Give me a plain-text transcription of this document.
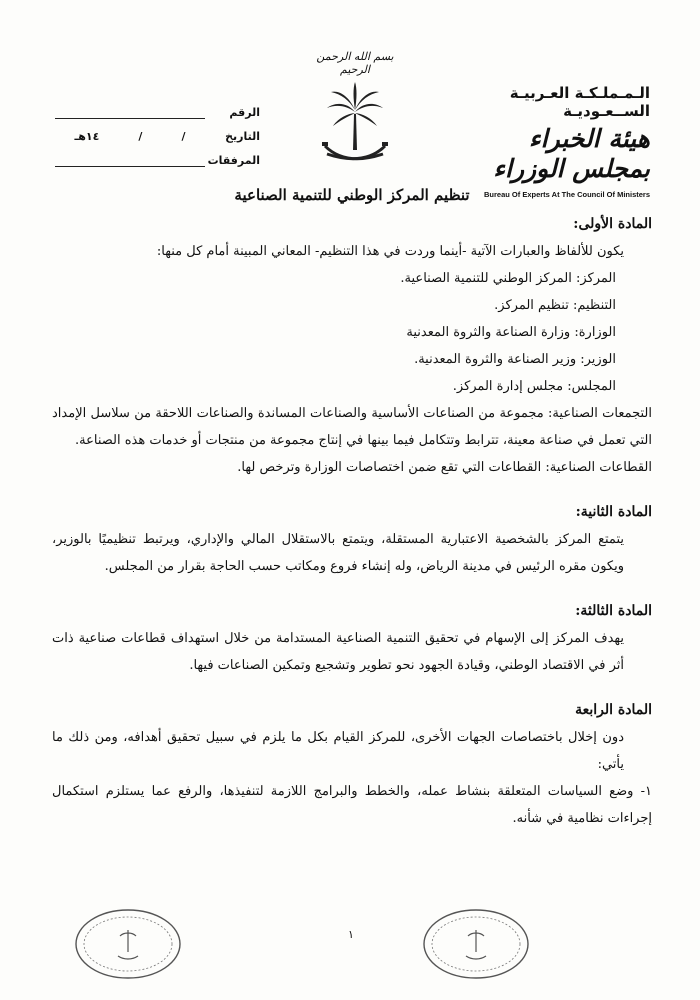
الـمـملـكـة العـربيـة الســعـوديـة
هيئة الخبراء بمجلس الوزراء
Bureau Of Experts At The Council Of Ministers
بسم الله الرحمن الرحيم
الرقم
التاريخ
/
/
١٤هـ
المرفقات
تنظيم المركز الوطني للتنمية الصناعية
المادة الأولى:
يكون للألفاظ والعبارات الآتية -أينما وردت في هذا التنظيم- المعاني المبينة أمام كل منها:
المركز: المركز الوطني للتنمية الصناعية.
التنظيم: تنظيم المركز.
الوزارة: وزارة الصناعة والثروة المعدنية
الوزير: وزير الصناعة والثروة المعدنية.
المجلس: مجلس إدارة المركز.
التجمعات الصناعية: مجموعة من الصناعات الأساسية والصناعات المساندة والصناعات اللاحقة من سلاسل الإمداد التي تعمل في صناعة معينة، تترابط وتتكامل فيما بينها في إنتاج مجموعة من منتجات أو خدمات هذه الصناعة.
القطاعات الصناعية: القطاعات التي تقع ضمن اختصاصات الوزارة وترخص لها.
المادة الثانية:
يتمتع المركز بالشخصية الاعتبارية المستقلة، ويتمتع بالاستقلال المالي والإداري، ويرتبط تنظيميًا بالوزير، ويكون مقره الرئيس في مدينة الرياض، وله إنشاء فروع ومكاتب حسب الحاجة بقرار من المجلس.
المادة الثالثة:
يهدف المركز إلى الإسهام في تحقيق التنمية الصناعية المستدامة من خلال استهداف قطاعات صناعية ذات أثر في الاقتصاد الوطني، وقيادة الجهود نحو تطوير وتشجيع وتمكين الصناعات فيها.
المادة الرابعة
دون إخلال باختصاصات الجهات الأخرى، للمركز القيام بكل ما يلزم في سبيل تحقيق أهدافه، ومن ذلك ما يأتي:
١- وضع السياسات المتعلقة بنشاط عمله، والخطط والبرامج اللازمة لتنفيذها، والرفع عما يستلزم استكمال إجراءات نظامية في شأنه.
١
